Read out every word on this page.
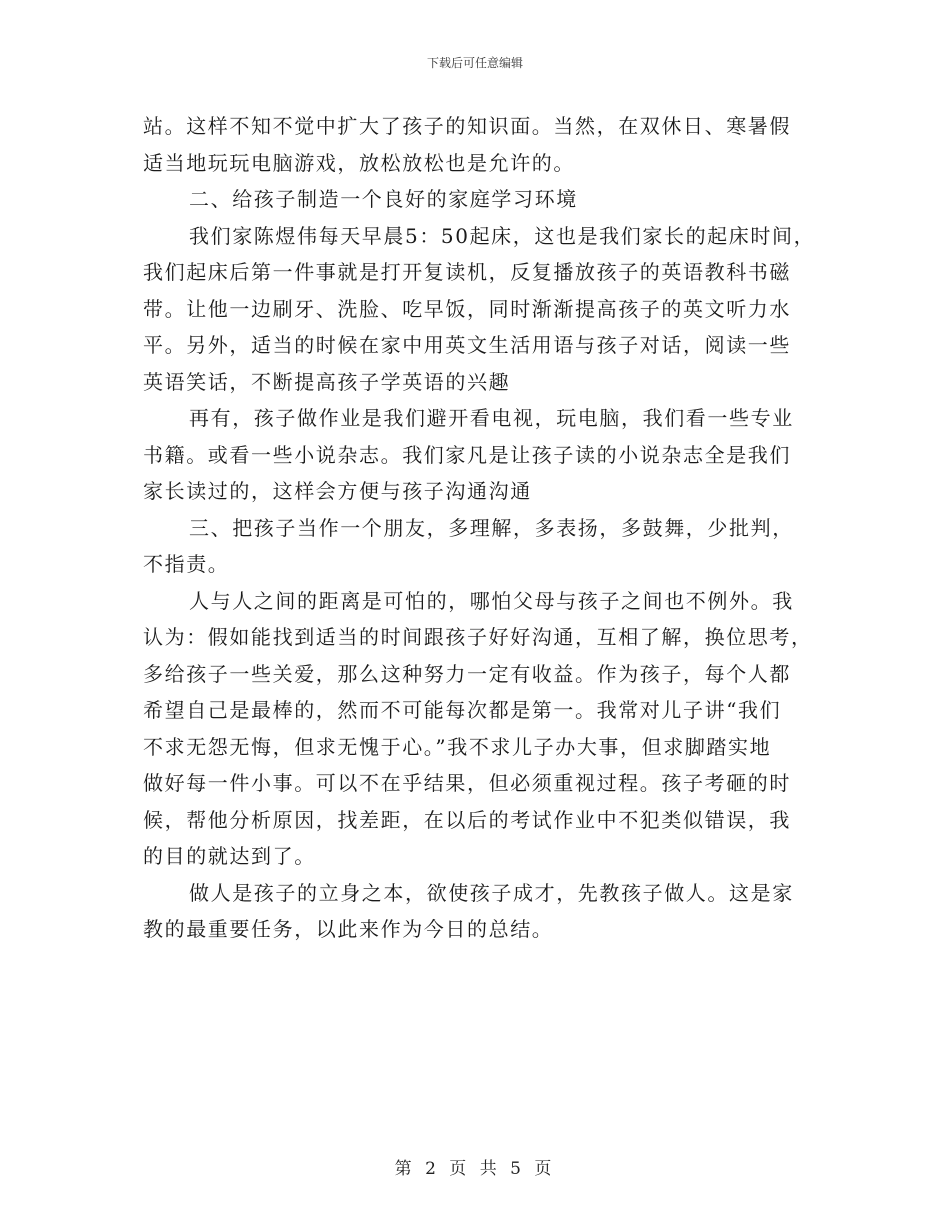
下载后可任意编辑
站。这样不知不觉中扩大了孩子的知识面。当然，在双休日、寒暑假
适当地玩玩电脑游戏，放松放松也是允许的。
二、给孩子制造一个良好的家庭学习环境
我们家陈煜伟每天早晨5：50起床，这也是我们家长的起床时间，
我们起床后第一件事就是打开复读机，反复播放孩子的英语教科书磁
带。让他一边刷牙、洗脸、吃早饭，同时渐渐提高孩子的英文听力水
平。另外，适当的时候在家中用英文生活用语与孩子对话，阅读一些
英语笑话，不断提高孩子学英语的兴趣
再有，孩子做作业是我们避开看电视，玩电脑，我们看一些专业
书籍。或看一些小说杂志。我们家凡是让孩子读的小说杂志全是我们
家长读过的，这样会方便与孩子沟通沟通
三、把孩子当作一个朋友，多理解，多表扬，多鼓舞，少批判，
不指责。
人与人之间的距离是可怕的，哪怕父母与孩子之间也不例外。我
认为：假如能找到适当的时间跟孩子好好沟通，互相了解，换位思考，
多给孩子一些关爱，那么这种努力一定有收益。作为孩子，每个人都
希望自己是最棒的，然而不可能每次都是第一。我常对儿子讲“我们
不求无怨无悔，但求无愧于心。”我不求儿子办大事，但求脚踏实地
做好每一件小事。可以不在乎结果，但必须重视过程。孩子考砸的时
候，帮他分析原因，找差距，在以后的考试作业中不犯类似错误，我
的目的就达到了。
做人是孩子的立身之本，欲使孩子成才，先教孩子做人。这是家
教的最重要任务，以此来作为今日的总结。
第 2 页 共 5 页
